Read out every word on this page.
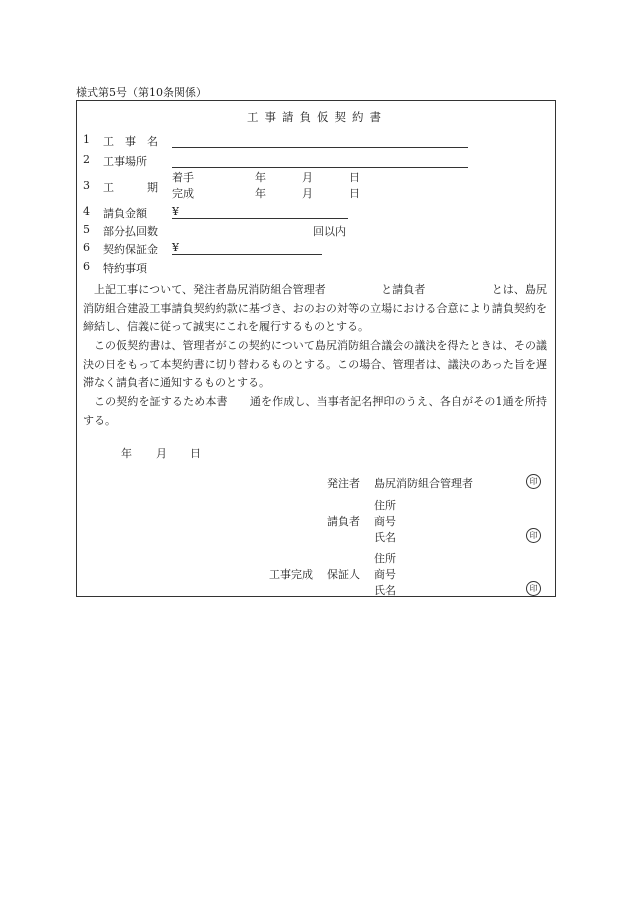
様式第5号（第10条関係）
工事請負仮契約書
1 工　事　名
2 工事場所
3 工　　　期
着手	年	月	日
完成	年	月	日
4 請負金額 ¥
5 部分払回数	回以内
6 契約保証金 ¥
6 特約事項
上記工事について、発注者島尻消防組合管理者　　　　　と請負者　　　　　　とは、島尻消防組合建設工事請負契約約款に基づき、おのおの対等の立場における合意により請負契約を締結し、信義に従って誠実にこれを履行するものとする。
この仮契約書は、管理者がこの契約について島尻消防組合議会の議決を得たときは、その議決の日をもって本契約書に切り替わるものとする。この場合、管理者は、議決のあった旨を遅滞なく請負者に通知するものとする。
この契約を証するため本書　　通を作成し、当事者記名押印のうえ、各自がその1通を所持する。
年 月 日
発注者 島尻消防組合管理者	印
住所
請負者 商号
氏名	印
住所
工事完成 保証人 商号
氏名	印
